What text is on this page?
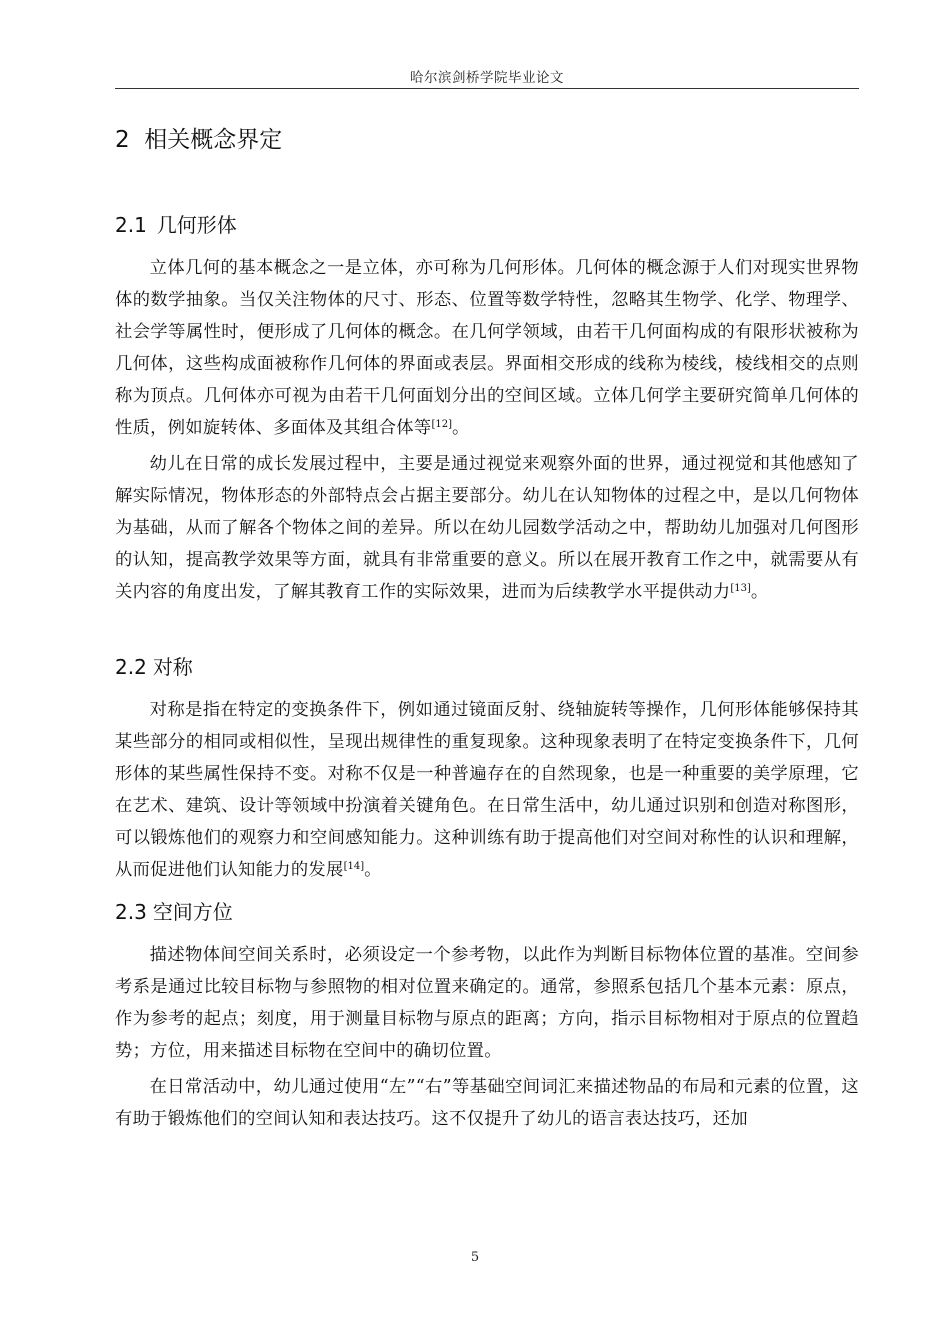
哈尔滨剑桥学院毕业论文
2 相关概念界定
2.1 几何形体

立体几何的基本概念之一是立体，亦可称为几何形体。几何体的概念源于人们对现实世界物体的数学抽象。当仅关注物体的尺寸、形态、位置等数学特性，忽略其生物学、化学、物理学、社会学等属性时，便形成了几何体的概念。在几何学领域，由若干几何面构成的有限形状被称为几何体，这些构成面被称作几何体的界面或表层。界面相交形成的线称为棱线，棱线相交的点则称为顶点。几何体亦可视为由若干几何面划分出的空间区域。立体几何学主要研究简单几何体的性质，例如旋转体、多面体及其组合体等[12]。

幼儿在日常的成长发展过程中，主要是通过视觉来观察外面的世界，通过视觉和其他感知了解实际情况，物体形态的外部特点会占据主要部分。幼儿在认知物体的过程之中，是以几何物体为基础，从而了解各个物体之间的差异。所以在幼儿园数学活动之中，帮助幼儿加强对几何图形的认知，提高教学效果等方面，就具有非常重要的意义。所以在展开教育工作之中，就需要从有关内容的角度出发，了解其教育工作的实际效果，进而为后续教学水平提供动力[13]。

2.2 对称

对称是指在特定的变换条件下，例如通过镜面反射、绕轴旋转等操作，几何形体能够保持其某些部分的相同或相似性，呈现出规律性的重复现象。这种现象表明了在特定变换条件下，几何形体的某些属性保持不变。对称不仅是一种普遍存在的自然现象，也是一种重要的美学原理，它在艺术、建筑、设计等领域中扮演着关键角色。在日常生活中，幼儿通过识别和创造对称图形，可以锻炼他们的观察力和空间感知能力。这种训练有助于提高他们对空间对称性的认识和理解，从而促进他们认知能力的发展[14]。

2.3 空间方位

描述物体间空间关系时，必须设定一个参考物，以此作为判断目标物体位置的基准。空间参考系是通过比较目标物与参照物的相对位置来确定的。通常，参照系包括几个基本元素：原点，作为参考的起点；刻度，用于测量目标物与原点的距离；方向，指示目标物相对于原点的位置趋势；方位，用来描述目标物在空间中的确切位置。

在日常活动中，幼儿通过使用“左”“右”等基础空间词汇来描述物品的布局和元素的位置，这有助于锻炼他们的空间认知和表达技巧。这不仅提升了幼儿的语言表达技巧，还加

5
